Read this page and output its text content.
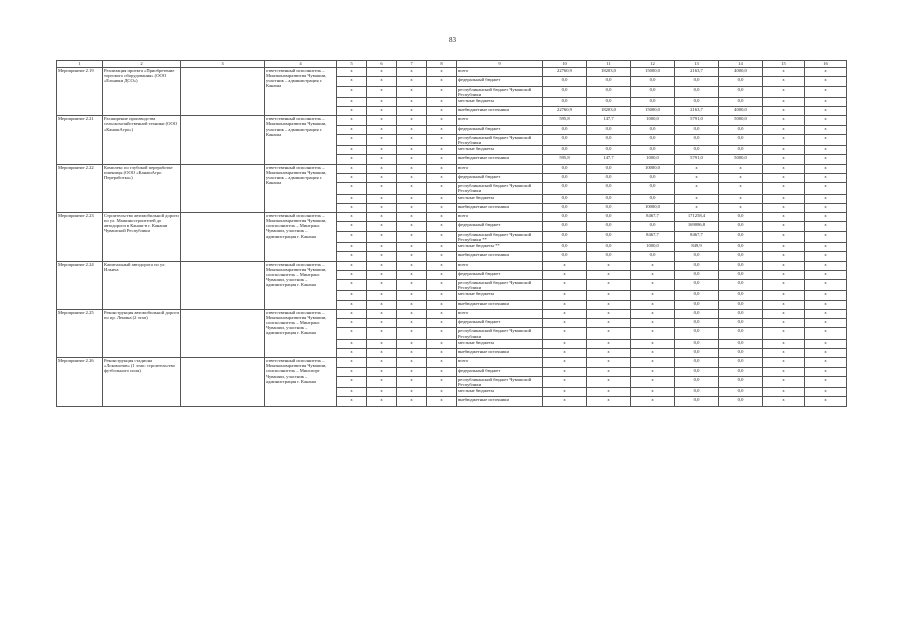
83
1	2	3	4	5	6	7	8	9	10	11	12	13	14	15	16
Мероприятие 2.19	Реализация проекта «Приобретение торгового оборудования» (ООО «Ельники ДСО»)		ответственный исполнитель – Минэкономразвития Чувашии, участник – администрация г. Канаша	x	x	x	x	всего	22760,9	18203,0	15000,0	2163,7	4000,0	x	x
				x	x	x	x	федеральный бюджет	0,0	0,0	0,0	0,0	0,0	x	x
				x	x	x	x	республиканский бюджет Чувашской Республики	0,0	0,0	0,0	0,0	0,0	x	x
				x	x	x	x	местные бюджеты	0,0	0,0	0,0	0,0	0,0	x	x
				x	x	x	x	внебюджетные источники	22760,9	18203,0	15000,0	2163,7	4000,0	x	x
Мероприятие 2.21	Расширение производства сельскохозяйственной техники (ООО «КанашАгро»)		ответственный исполнитель – Минэкономразвития Чувашии, участник – администрация г. Канаша	x	x	x	x	всего	595,8	147,7	1000,0	5791,0	5000,0	x	x
				x	x	x	x	федеральный бюджет	0,0	0,0	0,0	0,0	0,0	x	x
				x	x	x	x	республиканский бюджет Чувашской Республики	0,0	0,0	0,0	0,0	0,0	x	x
				x	x	x	x	местные бюджеты	0,0	0,0	0,0	0,0	0,0	x	x
				x	x	x	x	внебюджетные источники	595,8	147,7	1000,0	5791,0	5000,0	x	x
Мероприятие 2.22	Комплекс по глубокой переработке пшеницы (ООО «КанашАгро Переработка»)		ответственный исполнитель – Минэкономразвития Чувашии, участник – администрация г. Канаша	x	x	x	x	всего	0,0	0,0	10000,0	x	x	x	x
				x	x	x	x	федеральный бюджет	0,0	0,0	0,0	x	x	x	x
				x	x	x	x	республиканский бюджет Чувашской Республики	0,0	0,0	0,0	x	x	x	x
				x	x	x	x	местные бюджеты	0,0	0,0	0,0	x	x	x	x
				x	x	x	x	внебюджетные источники	0,0	0,0	10000,0	x	x	x	x
Мероприятие 2.23	Строительство автомобильной дороги по ул. Машиностроителей до автодороги в Канаш-в г. Канаши Чувашской Республики		ответственный исполнитель – Минэкономразвития Чувашии, соисполнитель – Минтранс Чувашии, участник – администрация г. Канаша	x	x	x	x	всего	0,0	0,0	8467,7	171258,4	0,0	x	x
				x	x	x	x	федеральный бюджет	0,0	0,0	0,0	169086,8	0,0	x	x
				x	x	x	x	республиканский бюджет Чувашской Республики **	0,0	0,0	8467,7	8467,7	0,0	x	x
				x	x	x	x	местные бюджеты **	0,0	0,0	1000,0	849,9	0,0	x	x
				x	x	x	x	внебюджетные источники	0,0	0,0	0,0	0,0	0,0	x	x
Мероприятие 2.24	Капитальный автодорога по ул. Ильича		ответственный исполнитель – Минэкономразвития Чувашии, соисполнитель – Минтранс Чувашии, участник – администрация г. Канаша	x	x	x	x	всего	x	x	x	0,0	0,0	x	x
				x	x	x	x	федеральный бюджет	x	x	x	0,0	0,0	x	x
				x	x	x	x	республиканский бюджет Чувашской Республики	x	x	x	0,0	0,0	x	x
				x	x	x	x	местные бюджеты	x	x	x	0,0	0,0	x	x
				x	x	x	x	внебюджетные источники	x	x	x	0,0	0,0	x	x
Мероприятие 2.25	Реконструкция автомобильной дороги по пр. Ленина (2 этап)		ответственный исполнитель – Минэкономразвития Чувашии, соисполнитель – Минтранс Чувашии, участник – администрация г. Канаша	x	x	x	x	всего	x	x	x	0,0	0,0	x	x
				x	x	x	x	федеральный бюджет	x	x	x	0,0	0,0	x	x
				x	x	x	x	республиканский бюджет Чувашской Республики	x	x	x	0,0	0,0	x	x
				x	x	x	x	местные бюджеты	x	x	x	0,0	0,0	x	x
				x	x	x	x	внебюджетные источники	x	x	x	0,0	0,0	x	x
Мероприятие 2.26	Реконструкция стадиона «Локомотив» (1 этап: строительство футбольного поля)		ответственный исполнитель – Минэкономразвития Чувашии, соисполнитель – Минспорт Чувашии, участник – администрация г. Канаша	x	x	x	x	всего	x	x	x	0,0	0,0	x	x
				x	x	x	x	федеральный бюджет	x	x	x	0,0	0,0	x	x
				x	x	x	x	республиканский бюджет Чувашской Республики	x	x	x	0,0	0,0	x	x
				x	x	x	x	местные бюджеты	x	x	x	0,0	0,0	x	x
				x	x	x	x	внебюджетные источники	x	x	x	0,0	0,0	x	x
